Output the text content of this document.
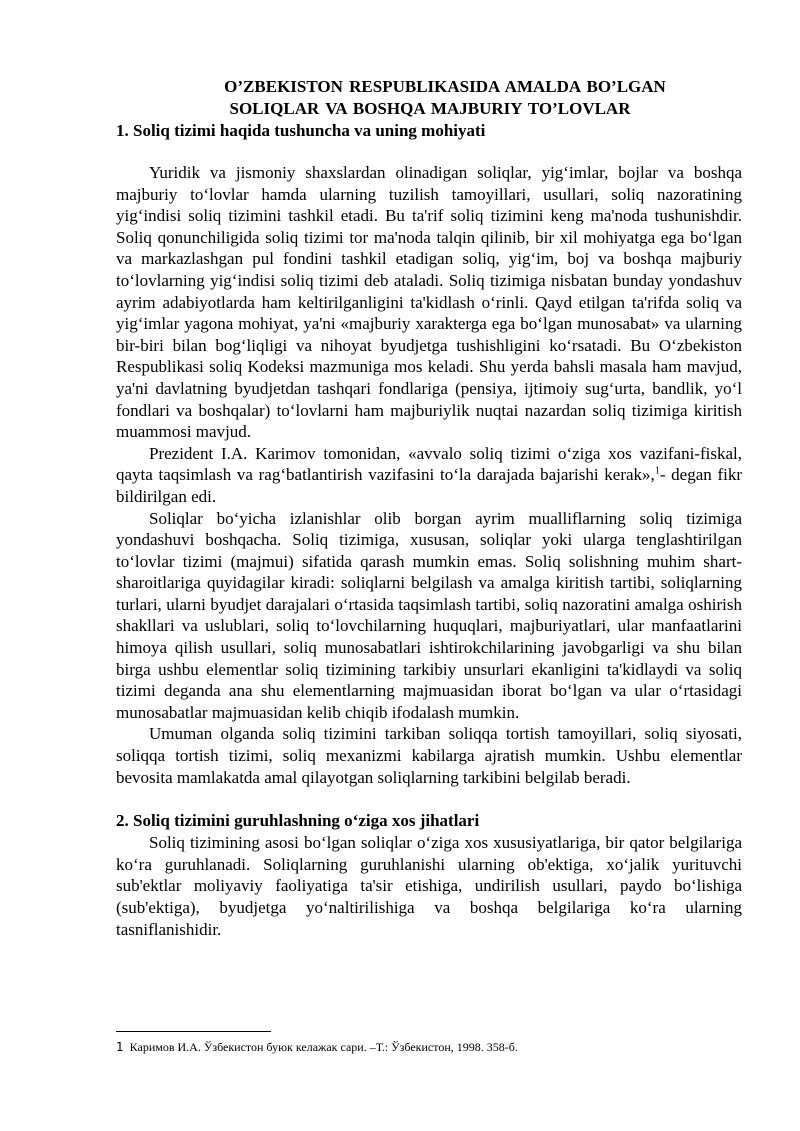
O’ZBEKISTON RESPUBLIKASIDA AMALDA BO’LGAN
SOLIQLAR VA BOSHQA MAJBURIY TO’LOVLAR
1. Soliq tizimi haqida tushuncha va uning mohiyati

Yuridik va jismoniy shaxslardan olinadigan soliqlar, yig‘imlar, bojlar va boshqa majburiy to‘lovlar hamda ularning tuzilish tamoyillari, usullari, soliq nazoratining yig‘indisi soliq tizimini tashkil etadi. Bu ta'rif soliq tizimini keng ma'noda tushunishdir. Soliq qonunchiligida soliq tizimi tor ma'noda talqin qilinib, bir xil mohiyatga ega bo‘lgan va markazlashgan pul fondini tashkil etadigan soliq, yig‘im, boj va boshqa majburiy to‘lovlarning yig‘indisi soliq tizimi deb ataladi. Soliq tizimiga nisbatan bunday yondashuv ayrim adabiyotlarda ham keltirilganligini ta'kidlash o‘rinli. Qayd etilgan ta'rifda soliq va yig‘imlar yagona mohiyat, ya'ni «majburiy xarakterga ega bo‘lgan munosabat» va ularning bir-biri bilan bog‘liqligi va nihoyat byudjetga tushishligini ko‘rsatadi. Bu O‘zbekiston Respublikasi soliq Kodeksi mazmuniga mos keladi. Shu yerda bahsli masala ham mavjud, ya'ni davlatning byudjetdan tashqari fondlariga (pensiya, ijtimoiy sug‘urta, bandlik, yo‘l fondlari va boshqalar) to‘lovlarni ham majburiylik nuqtai nazardan soliq tizimiga kiritish muammosi mavjud.

Prezident I.A. Karimov tomonidan, «avvalo soliq tizimi o‘ziga xos vazifani-fiskal, qayta taqsimlash va rag‘batlantirish vazifasini to‘la darajada bajarishi kerak»,$^1$- degan fikr bildirilgan edi.

Soliqlar bo‘yicha izlanishlar olib borgan ayrim mualliflarning soliq tizimiga yondashuvi boshqacha. Soliq tizimiga, xususan, soliqlar yoki ularga tenglashtirilgan to‘lovlar tizimi (majmui) sifatida qarash mumkin emas. Soliq solishning muhim shart-sharoitlariga quyidagilar kiradi: soliqlarni belgilash va amalga kiritish tartibi, soliqlarning turlari, ularni byudjet darajalari o‘rtasida taqsimlash tartibi, soliq nazoratini amalga oshirish shakllari va uslublari, soliq to‘lovchilarning huquqlari, majburiyatlari, ular manfaatlarini himoya qilish usullari, soliq munosabatlari ishtirokchilarining javobgarligi va shu bilan birga ushbu elementlar soliq tizimining tarkibiy unsurlari ekanligini ta'kidlaydi va soliq tizimi deganda ana shu elementlarning majmuasidan iborat bo‘lgan va ular o‘rtasidagi munosabatlar majmuasidan kelib chiqib ifodalash mumkin.

Umuman olganda soliq tizimini tarkiban soliqqa tortish tamoyillari, soliq siyosati, soliqqa tortish tizimi, soliq mexanizmi kabilarga ajratish mumkin. Ushbu elementlar bevosita mamlakatda amal qilayotgan soliqlarning tarkibini belgilab beradi.

2. Soliq tizimini guruhlashning o‘ziga xos jihatlari

Soliq tizimining asosi bo‘lgan soliqlar o‘ziga xos xususiyatlariga, bir qator belgilariga ko‘ra guruhlanadi. Soliqlarning guruhlanishi ularning ob'ektiga, xo‘jalik yurituvchi sub'ektlar moliyaviy faoliyatiga ta'sir etishiga, undirilish usullari, paydo bo‘lishiga (sub'ektiga), byudjetga yo‘naltirilishiga va boshqa belgilariga ko‘ra ularning tasniflanishidir.

1 Каримов И.А. Ўзбекистон буюк келажак сари. –Т.: Ўзбекистон, 1998. 358-б.
